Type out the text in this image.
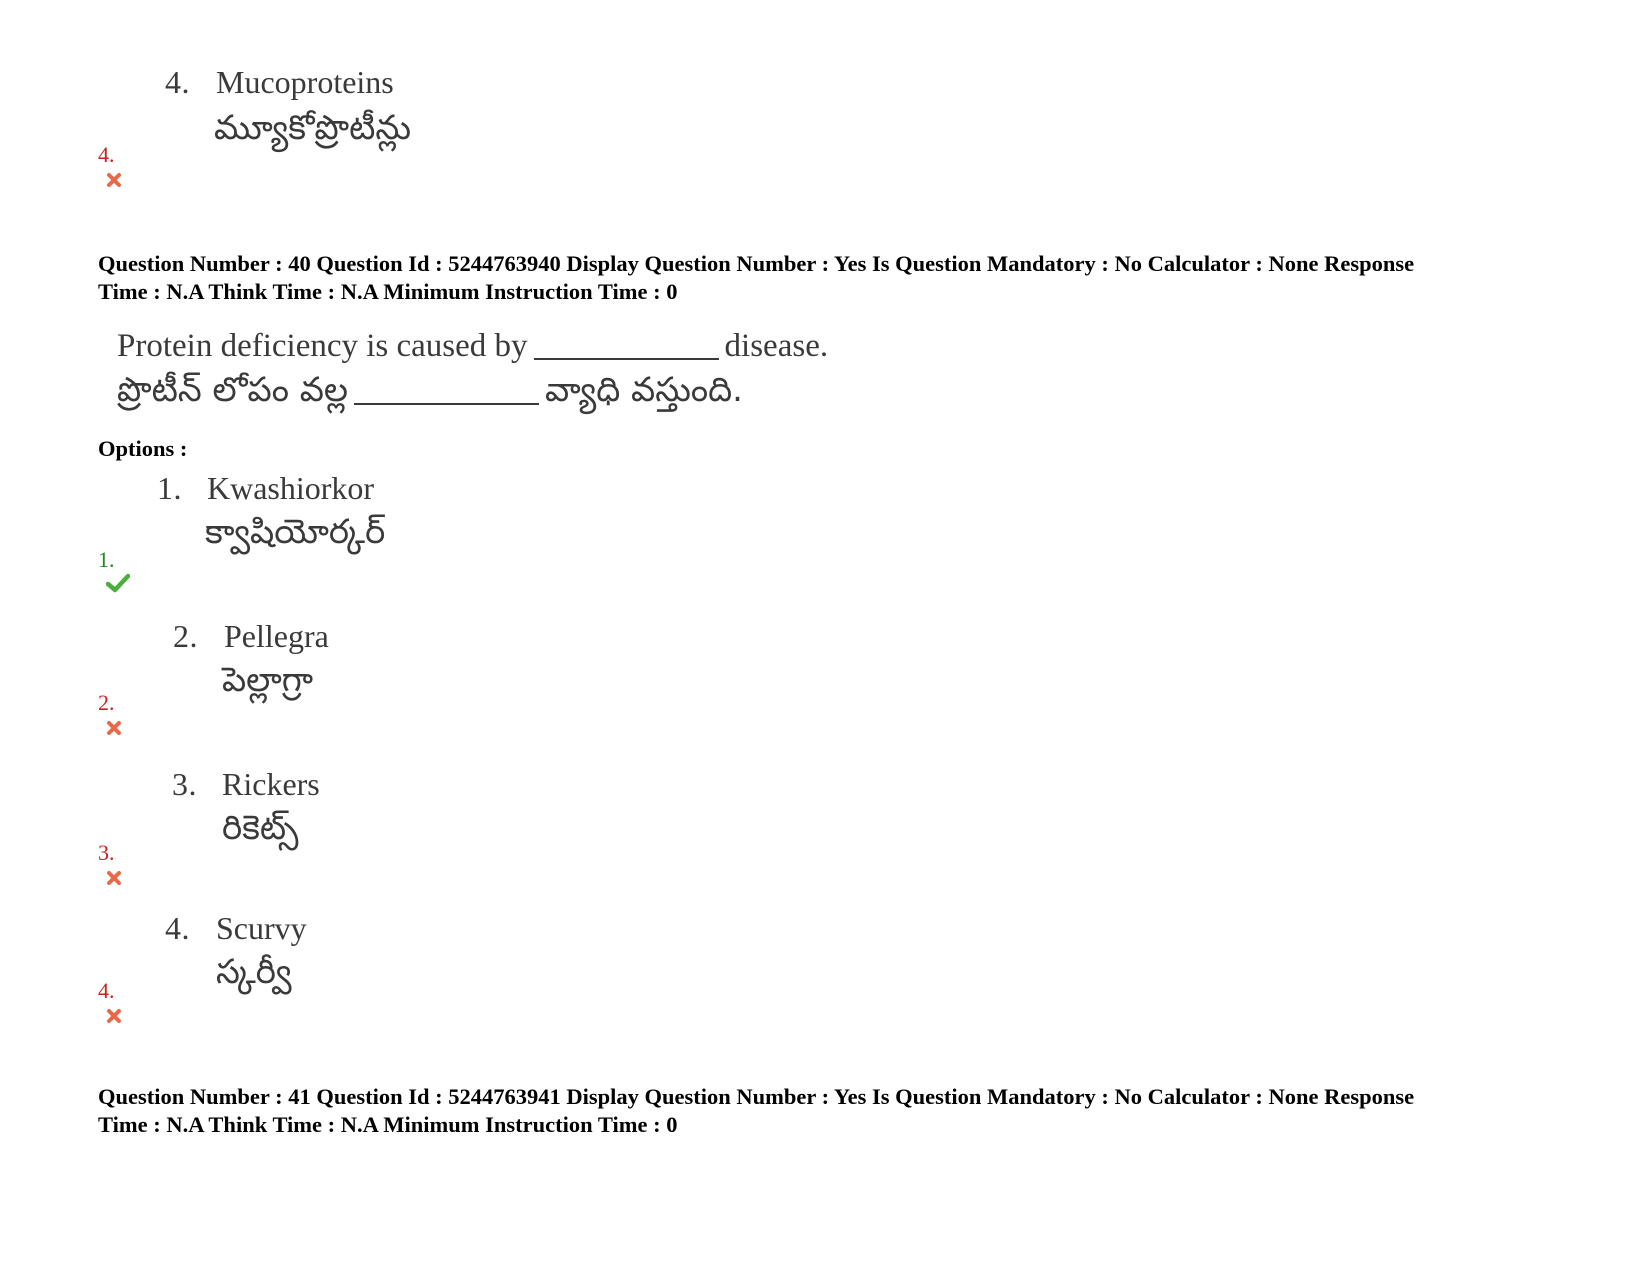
4. Mucoproteins
మ్యూకోప్రొటీన్లు
4.
Question Number : 40 Question Id : 5244763940 Display Question Number : Yes Is Question Mandatory : No Calculator : None Response
Time : N.A Think Time : N.A Minimum Instruction Time : 0
Protein deficiency is caused by	disease.
ప్రొటీన్ లోపం వల్ల	వ్యాధి వస్తుంది.
Options :
1. Kwashiorkor
క్వాషియోర్కర్
1.
2. Pellegra
పెల్లాగ్రా
2.
3. Rickers
రికెట్స్
3.
4. Scurvy
స్కర్వీ
4.
Question Number : 41 Question Id : 5244763941 Display Question Number : Yes Is Question Mandatory : No Calculator : None Response
Time : N.A Think Time : N.A Minimum Instruction Time : 0
